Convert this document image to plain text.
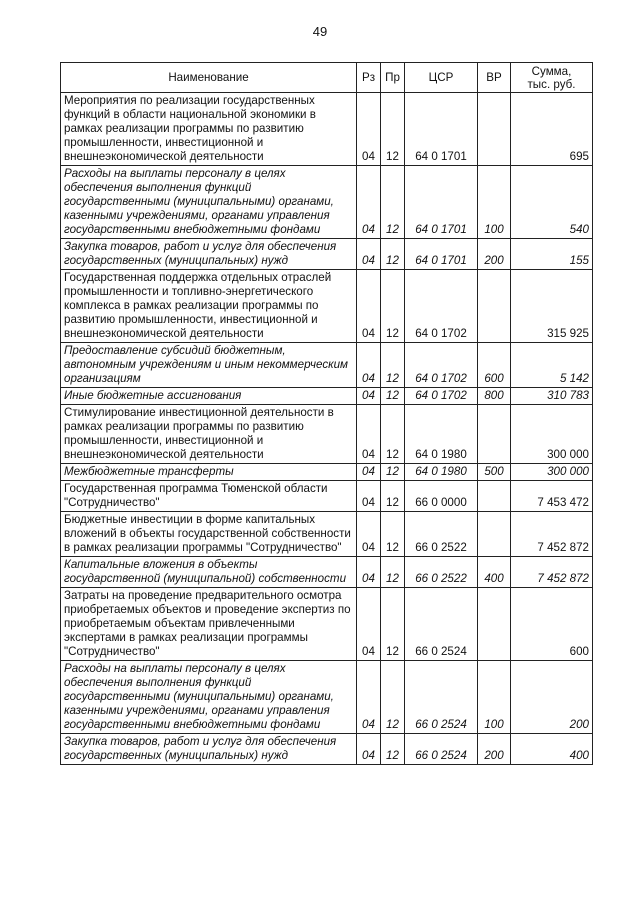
49
Наименование	Рз	Пр	ЦСР	ВР	Сумма,
тыс. руб.

Мероприятия по реализации государственных функций в области национальной экономики в рамках реализации программы по развитию промышленности, инвестиционной и внешнеэкономической деятельности	04	12	64 0 1701		695
Расходы на выплаты персоналу в целях обеспечения выполнения функций государственными (муниципальными) органами, казенными учреждениями, органами управления государственными внебюджетными фондами	04	12	64 0 1701	100	540
Закупка товаров, работ и услуг для обеспечения государственных (муниципальных) нужд	04	12	64 0 1701	200	155
Государственная поддержка отдельных отраслей промышленности и топливно-энергетического комплекса в рамках реализации программы по развитию промышленности, инвестиционной и внешнеэкономической деятельности	04	12	64 0 1702		315 925
Предоставление субсидий бюджетным, автономным учреждениям и иным некоммерческим организациям	04	12	64 0 1702	600	5 142
Иные бюджетные ассигнования	04	12	64 0 1702	800	310 783
Стимулирование инвестиционной деятельности в рамках реализации программы по развитию промышленности, инвестиционной и внешнеэкономической деятельности	04	12	64 0 1980		300 000
Межбюджетные трансферты	04	12	64 0 1980	500	300 000
Государственная программа Тюменской области "Сотрудничество"	04	12	66 0 0000		7 453 472
Бюджетные инвестиции в форме капитальных вложений в объекты государственной собственности в рамках реализации программы "Сотрудничество"	04	12	66 0 2522		7 452 872
Капитальные вложения в объекты государственной (муниципальной) собственности	04	12	66 0 2522	400	7 452 872
Затраты на проведение предварительного осмотра приобретаемых объектов и проведение экспертиз по приобретаемым объектам привлеченными экспертами в рамках реализации программы "Сотрудничество"	04	12	66 0 2524		600
Расходы на выплаты персоналу в целях обеспечения выполнения функций государственными (муниципальными) органами, казенными учреждениями, органами управления государственными внебюджетными фондами	04	12	66 0 2524	100	200
Закупка товаров, работ и услуг для обеспечения государственных (муниципальных) нужд	04	12	66 0 2524	200	400
